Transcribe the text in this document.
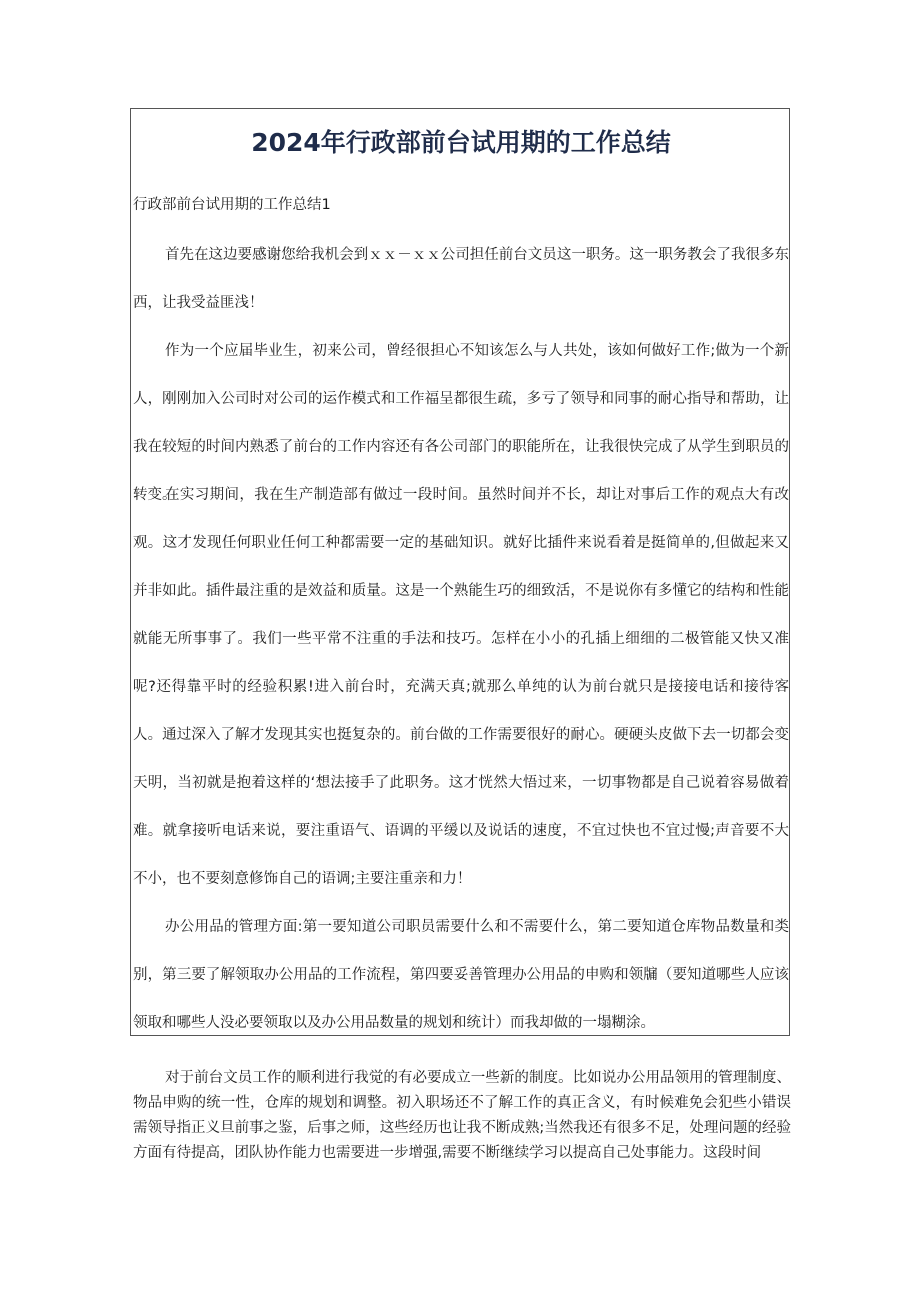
2024年行政部前台试用期的工作总结
行政部前台试用期的工作总结1

首先在这边要感谢您给我机会到ｘｘ－ｘｘ公司担任前台文员这一职务。这一职务教会了我很多东西，让我受益匪浅！

作为一个应届毕业生，初来公司，曾经很担心不知该怎么与人共处，该如何做好工作;做为一个新人，刚刚加入公司时对公司的运作模式和工作福呈都很生疏，多亏了领导和同事的耐心指导和帮助，让我在较短的时间内熟悉了前台的工作内容还有各公司部门的职能所在，让我很快完成了从学生到职员的转变。

在实习期间，我在生产制造部有做过一段时间。虽然时间并不长，却让对事后工作的观点大有改观。这才发现任何职业任何工种都需要一定的基础知识。就好比插件来说看着是挺简单的,但做起来又并非如此。插件最注重的是效益和质量。这是一个熟能生巧的细致活，不是说你有多懂它的结构和性能就能无所事事了。我们一些平常不注重的手法和技巧。怎样在小小的孔插上细细的二极管能又快又准呢?还得靠平时的经验积累!进入前台时，充满天真;就那么单纯的认为前台就只是接接电话和接待客人。通过深入了解才发现其实也挺复杂的。前台做的工作需要很好的耐心。硬硬头皮做下去一切都会变天明，当初就是抱着这样的‘想法接手了此职务。这才恍然大悟过来，一切事物都是自己说着容易做着难。就拿接听电话来说，要注重语气、语调的平缓以及说话的速度，不宜过快也不宜过慢;声音要不大不小，也不要刻意修饰自己的语调;主要注重亲和力！

办公用品的管理方面:第一要知道公司职员需要什么和不需要什么，第二要知道仓库物品数量和类别，第三要了解领取办公用品的工作流程，第四要妥善管理办公用品的申购和领牖（要知道哪些人应该领取和哪些人没必要领取以及办公用品数量的规划和统计）而我却做的一塌糊涂。

对于前台文员工作的顺利进行我觉的有必要成立一些新的制度。比如说办公用品领用的管理制度、物品申购的统一性，仓库的规划和调整。初入职场还不了解工作的真正含义，有时候难免会犯些小错误需领导指正义旦前事之鉴，后事之师，这些经历也让我不断成熟;当然我还有很多不足，处理问题的经验方面有待提高，团队协作能力也需要进一步增强,需要不断继续学习以提高自己处事能力。这段时间
